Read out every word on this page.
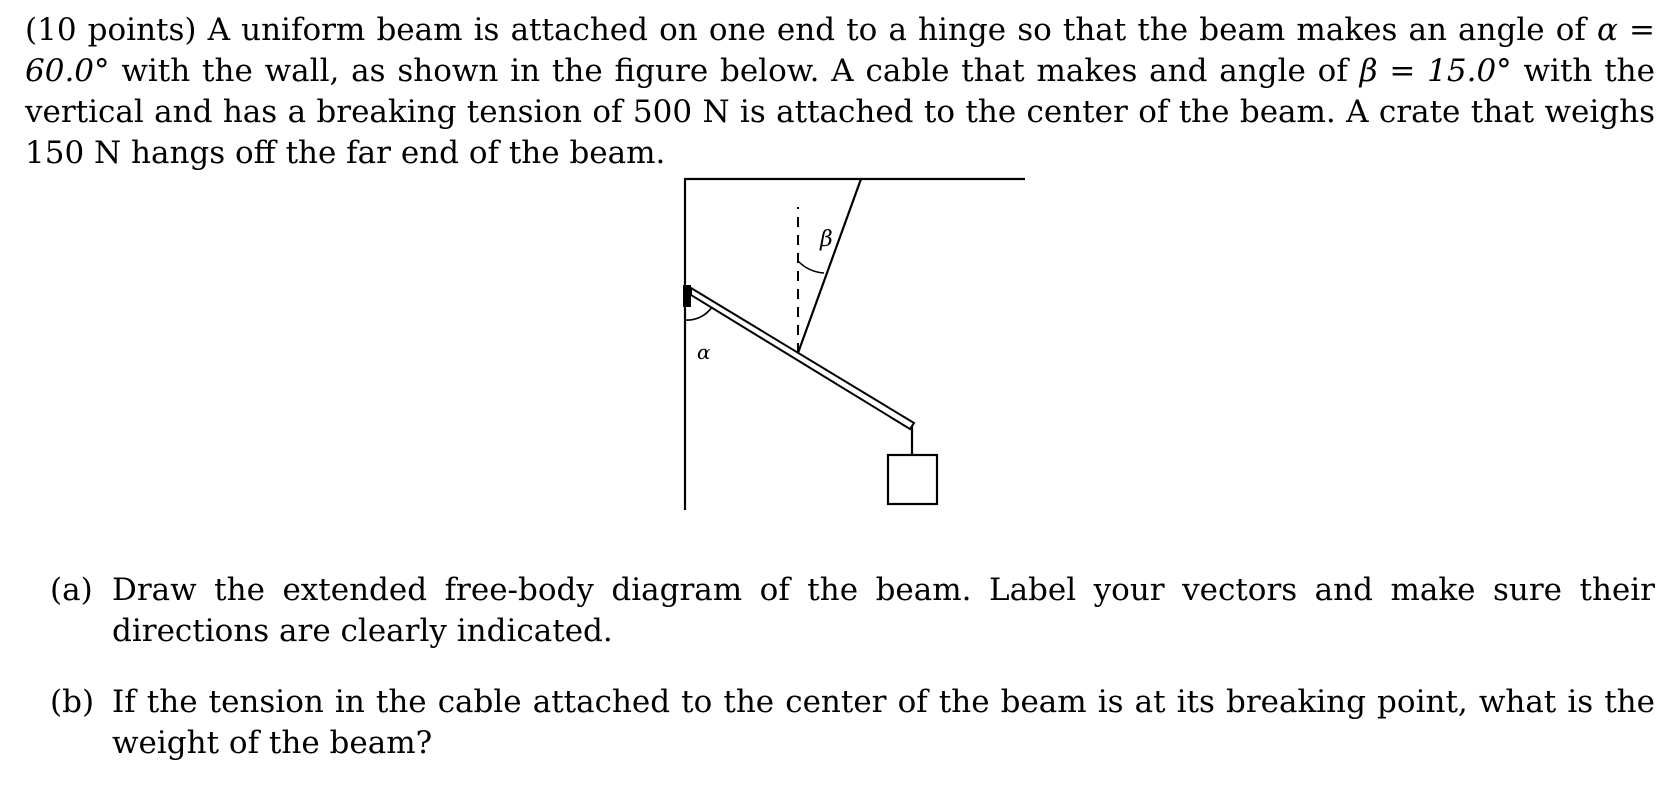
(10 points) A uniform beam is attached on one end to a hinge so that the beam makes an angle of α = 60.0° with the wall, as shown in the figure below. A cable that makes and angle of β = 15.0° with the vertical and has a breaking tension of 500 N is attached to the center of the beam. A crate that weighs 150 N hangs off the far end of the beam.
β
α
(a) Draw the extended free-body diagram of the beam. Label your vectors and make sure their directions are clearly indicated.
(b) If the tension in the cable attached to the center of the beam is at its breaking point, what is the weight of the beam?
